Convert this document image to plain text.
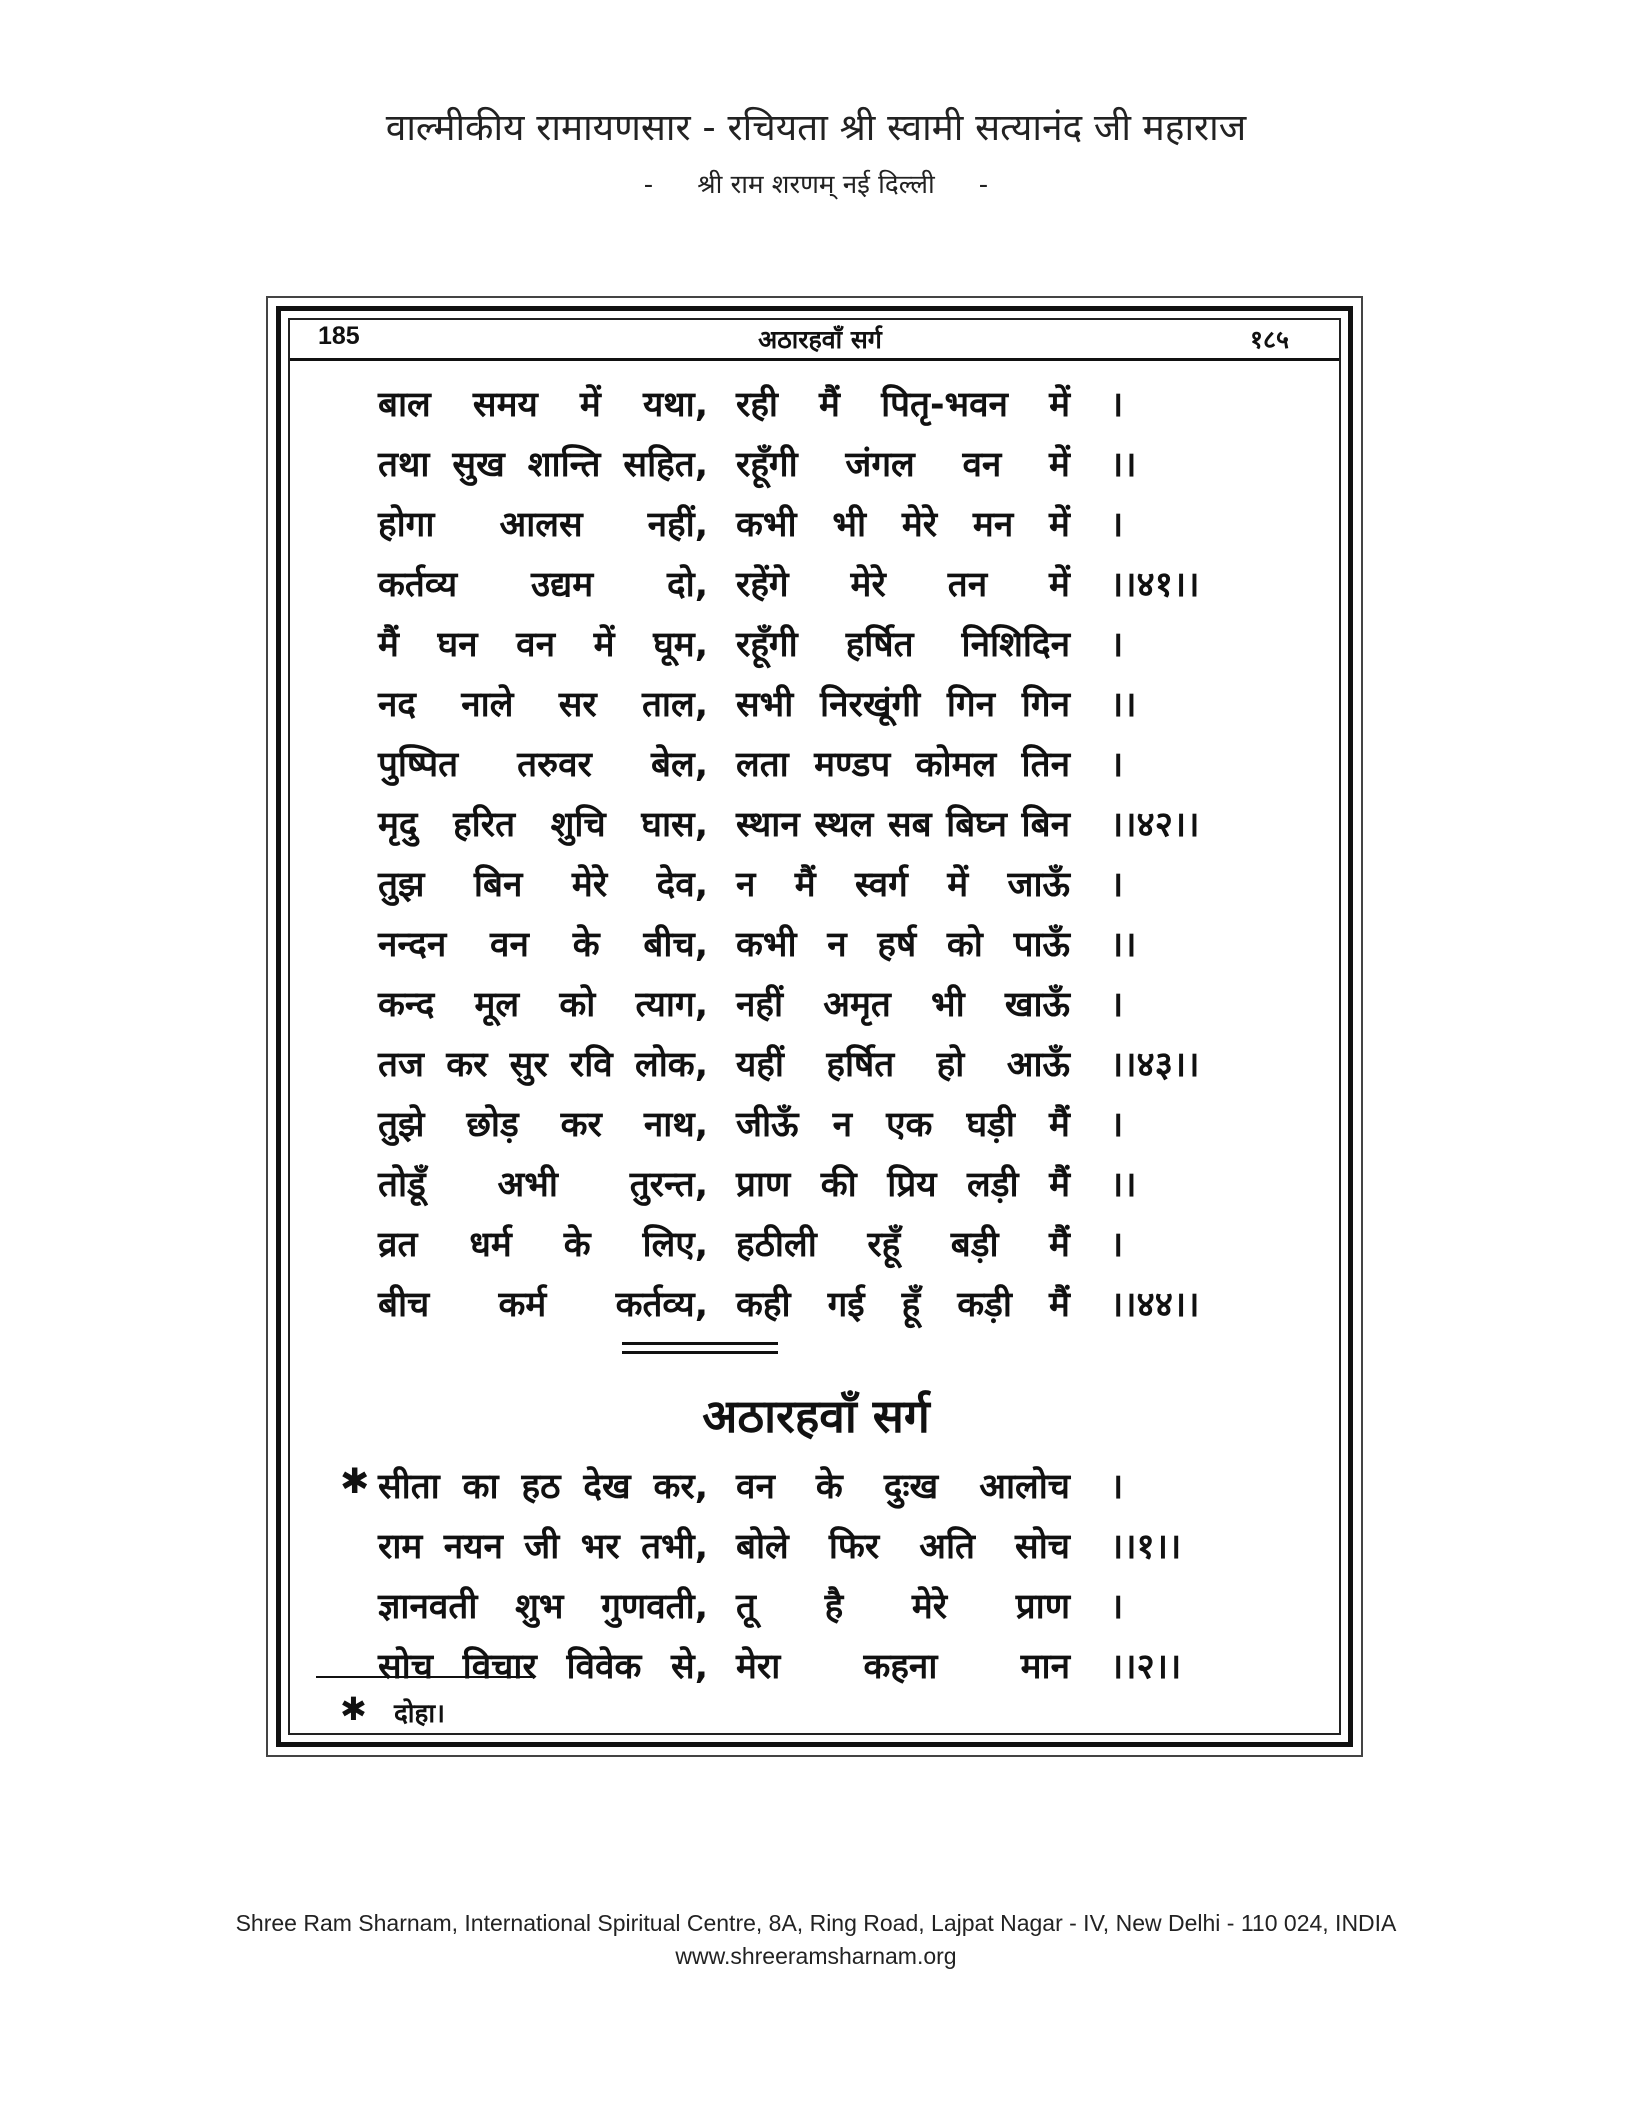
वाल्मीकीय रामायणसार - रचियता श्री स्वामी सत्यानंद जी महाराज
- श्री राम शरणम् नई दिल्ली -
185	अठारहवाँ सर्ग	१८५
बाल समय में यथा, रही मैं पितृ-भवन में ।
तथा सुख शान्ति सहित, रहूँगी जंगल वन में ।।
होगा आलस नहीं, कभी भी मेरे मन में ।
कर्तव्य उद्यम दो, रहेंगे मेरे तन में ।।४१।।
मैं घन वन में घूम, रहूँगी हर्षित निशिदिन ।
नद नाले सर ताल, सभी निरखूंगी गिन गिन ।।
पुष्पित तरुवर बेल, लता मण्डप कोमल तिन ।
मृदु हरित शुचि घास, स्थान स्थल सब बिघ्न बिन ।।४२।।
तुझ बिन मेरे देव, न मैं स्वर्ग में जाऊँ ।
नन्दन वन के बीच, कभी न हर्ष को पाऊँ ।।
कन्द मूल को त्याग, नहीं अमृत भी खाऊँ ।
तज कर सुर रवि लोक, यहीं हर्षित हो आऊँ ।।४३।।
तुझे छोड़ कर नाथ, जीऊँ न एक घड़ी मैं ।
तोडूँ अभी तुरन्त, प्राण की प्रिय लड़ी मैं ।।
व्रत धर्म के लिए, हठीली रहूँ बड़ी मैं ।
बीच कर्म कर्तव्य, कही गई हूँ कड़ी मैं ।।४४।।
अठारहवाँ सर्ग
✱ सीता का हठ देख कर, वन के दुःख आलोच ।
राम नयन जी भर तभी, बोले फिर अति सोच ।।१।।
ज्ञानवती शुभ गुणवती, तू है मेरे प्राण ।
सोच विचार विवेक से, मेरा कहना मान ।।२।।
✱ दोहा।
Shree Ram Sharnam, International Spiritual Centre, 8A, Ring Road, Lajpat Nagar - IV, New Delhi - 110 024, INDIA
www.shreeramsharnam.org
